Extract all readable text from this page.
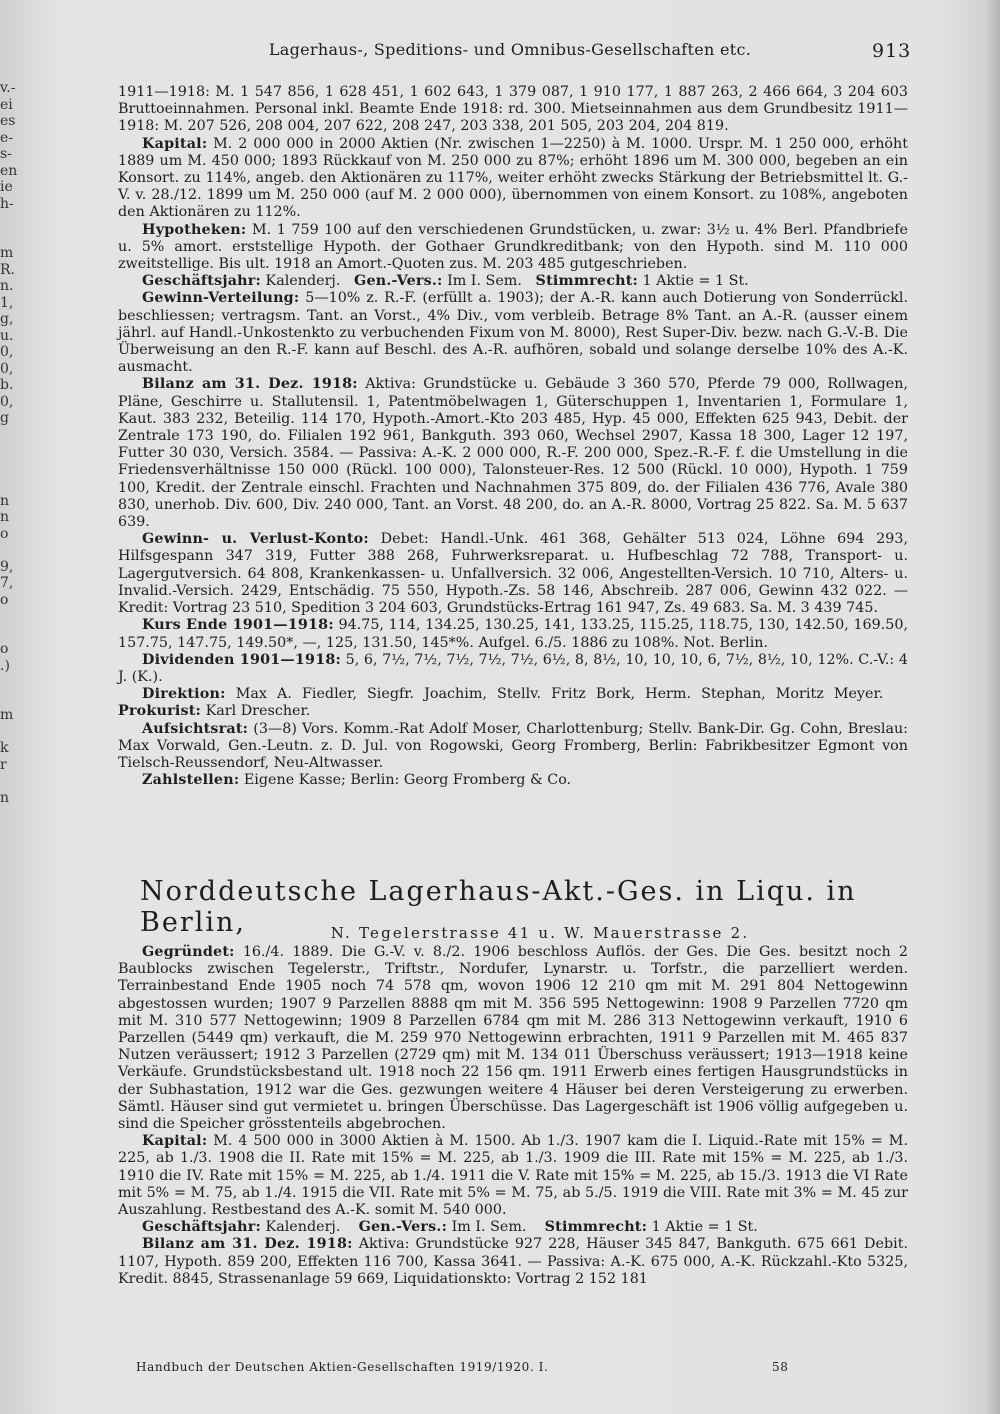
v.-
ei
es
e-
s-
en
ie
h-
m
R.
n.
1,
g,
u.
0,
0,
b.
0,
g
n
n
o
9,
7,
o
o
.)
m
k
r
n
Lagerhaus-, Speditions- und Omnibus-Gesellschaften etc.	913

1911—1918: M. 1 547 856, 1 628 451, 1 602 643, 1 379 087, 1 910 177, 1 887 263, 2 466 664, 3 204 603 Bruttoeinnahmen. Personal inkl. Beamte Ende 1918: rd. 300. Mietseinnahmen aus dem Grundbesitz 1911—1918: M. 207 526, 208 004, 207 622, 208 247, 203 338, 201 505, 203 204, 204 819.

Kapital: M. 2 000 000 in 2000 Aktien (Nr. zwischen 1—2250) à M. 1000. Urspr. M. 1 250 000, erhöht 1889 um M. 450 000; 1893 Rückkauf von M. 250 000 zu 87%; erhöht 1896 um M. 300 000, begeben an ein Konsort. zu 114%, angeb. den Aktionären zu 117%, weiter erhöht zwecks Stärkung der Betriebsmittel lt. G.-V. v. 28./12. 1899 um M. 250 000 (auf M. 2 000 000), übernommen von einem Konsort. zu 108%, angeboten den Aktionären zu 112%.

Hypotheken: M. 1 759 100 auf den verschiedenen Grundstücken, u. zwar: 3½ u. 4% Berl. Pfandbriefe u. 5% amort. erststellige Hypoth. der Gothaer Grundkreditbank; von den Hypoth. sind M. 110 000 zweitstellige. Bis ult. 1918 an Amort.-Quoten zus. M. 203 485 gutgeschrieben.

Geschäftsjahr: Kalenderj. Gen.-Vers.: Im I. Sem. Stimmrecht: 1 Aktie = 1 St.

Gewinn-Verteilung: 5—10% z. R.-F. (erfüllt a. 1903); der A.-R. kann auch Dotierung von Sonderrückl. beschliessen; vertragsm. Tant. an Vorst., 4% Div., vom verbleib. Betrage 8% Tant. an A.-R. (ausser einem jährl. auf Handl.-Unkostenkto zu verbuchenden Fixum von M. 8000), Rest Super-Div. bezw. nach G.-V.-B. Die Überweisung an den R.-F. kann auf Beschl. des A.-R. aufhören, sobald und solange derselbe 10% des A.-K. ausmacht.

Bilanz am 31. Dez. 1918: Aktiva: Grundstücke u. Gebäude 3 360 570, Pferde 79 000, Rollwagen, Pläne, Geschirre u. Stallutensil. 1, Patentmöbelwagen 1, Güterschuppen 1, Inventarien 1, Formulare 1, Kaut. 383 232, Beteilig. 114 170, Hypoth.-Amort.-Kto 203 485, Hyp. 45 000, Effekten 625 943, Debit. der Zentrale 173 190, do. Filialen 192 961, Bankguth. 393 060, Wechsel 2907, Kassa 18 300, Lager 12 197, Futter 30 030, Versich. 3584. — Passiva: A.-K. 2 000 000, R.-F. 200 000, Spez.-R.-F. f. die Umstellung in die Friedensverhältnisse 150 000 (Rückl. 100 000), Talonsteuer-Res. 12 500 (Rückl. 10 000), Hypoth. 1 759 100, Kredit. der Zentrale einschl. Frachten und Nachnahmen 375 809, do. der Filialen 436 776, Avale 380 830, unerhob. Div. 600, Div. 240 000, Tant. an Vorst. 48 200, do. an A.-R. 8000, Vortrag 25 822. Sa. M. 5 637 639.

Gewinn- u. Verlust-Konto: Debet: Handl.-Unk. 461 368, Gehälter 513 024, Löhne 694 293, Hilfsgespann 347 319, Futter 388 268, Fuhrwerksreparat. u. Hufbeschlag 72 788, Transport- u. Lagergutversich. 64 808, Krankenkassen- u. Unfallversich. 32 006, Angestellten-Versich. 10 710, Alters- u. Invalid.-Versich. 2429, Entschädig. 75 550, Hypoth.-Zs. 58 146, Abschreib. 287 006, Gewinn 432 022. — Kredit: Vortrag 23 510, Spedition 3 204 603, Grundstücks-Ertrag 161 947, Zs. 49 683. Sa. M. 3 439 745.

Kurs Ende 1901—1918: 94.75, 114, 134.25, 130.25, 141, 133.25, 115.25, 118.75, 130, 142.50, 169.50, 157.75, 147.75, 149.50*, —, 125, 131.50, 145*%. Aufgel. 6./5. 1886 zu 108%. Not. Berlin.

Dividenden 1901—1918: 5, 6, 7½, 7½, 7½, 7½, 7½, 6½, 8, 8½, 10, 10, 10, 6, 7½, 8½, 10, 12%. C.-V.: 4 J. (K.).

Direktion: Max A. Fiedler, Siegfr. Joachim, Stellv. Fritz Bork, Herm. Stephan, Moritz Meyer.    Prokurist: Karl Drescher.

Aufsichtsrat: (3—8) Vors. Komm.-Rat Adolf Moser, Charlottenburg; Stellv. Bank-Dir. Gg. Cohn, Breslau: Max Vorwald, Gen.-Leutn. z. D. Jul. von Rogowski, Georg Fromberg, Berlin: Fabrikbesitzer Egmont von Tielsch-Reussendorf, Neu-Altwasser.

Zahlstellen: Eigene Kasse; Berlin: Georg Fromberg & Co.

Norddeutsche Lagerhaus-Akt.-Ges. in Liqu. in Berlin,	N. Tegelerstrasse 41 u. W. Mauerstrasse 2.

Gegründet: 16./4. 1889. Die G.-V. v. 8./2. 1906 beschloss Auflös. der Ges. Die Ges. besitzt noch 2 Baublocks zwischen Tegelerstr., Triftstr., Nordufer, Lynarstr. u. Torfstr., die parzelliert werden. Terrainbestand Ende 1905 noch 74 578 qm, wovon 1906 12 210 qm mit M. 291 804 Nettogewinn abgestossen wurden; 1907 9 Parzellen 8888 qm mit M. 356 595 Nettogewinn: 1908 9 Parzellen 7720 qm mit M. 310 577 Nettogewinn; 1909 8 Parzellen 6784 qm mit M. 286 313 Nettogewinn verkauft, 1910 6 Parzellen (5449 qm) verkauft, die M. 259 970 Nettogewinn erbrachten, 1911 9 Parzellen mit M. 465 837 Nutzen veräussert; 1912 3 Parzellen (2729 qm) mit M. 134 011 Überschuss veräussert; 1913—1918 keine Verkäufe. Grundstücksbestand ult. 1918 noch 22 156 qm. 1911 Erwerb eines fertigen Hausgrundstücks in der Subhastation, 1912 war die Ges. gezwungen weitere 4 Häuser bei deren Versteigerung zu erwerben. Sämtl. Häuser sind gut vermietet u. bringen Überschüsse. Das Lagergeschäft ist 1906 völlig aufgegeben u. sind die Speicher grösstenteils abgebrochen.

Kapital: M. 4 500 000 in 3000 Aktien à M. 1500. Ab 1./3. 1907 kam die I. Liquid.-Rate mit 15% = M. 225, ab 1./3. 1908 die II. Rate mit 15% = M. 225, ab 1./3. 1909 die III. Rate mit 15% = M. 225, ab 1./3. 1910 die IV. Rate mit 15% = M. 225, ab 1./4. 1911 die V. Rate mit 15% = M. 225, ab 15./3. 1913 die VI Rate mit 5% = M. 75, ab 1./4. 1915 die VII. Rate mit 5% = M. 75, ab 5./5. 1919 die VIII. Rate mit 3% = M. 45 zur Auszahlung. Restbestand des A.-K. somit M. 540 000.

Geschäftsjahr: Kalenderj. Gen.-Vers.: Im I. Sem. Stimmrecht: 1 Aktie = 1 St.

Bilanz am 31. Dez. 1918: Aktiva: Grundstücke 927 228, Häuser 345 847, Bankguth. 675 661 Debit. 1107, Hypoth. 859 200, Effekten 116 700, Kassa 3641. — Passiva: A.-K. 675 000, A.-K. Rückzahl.-Kto 5325, Kredit. 8845, Strassenanlage 59 669, Liquidationskto: Vortrag 2 152 181

Handbuch der Deutschen Aktien-Gesellschaften 1919/1920. I.	58
